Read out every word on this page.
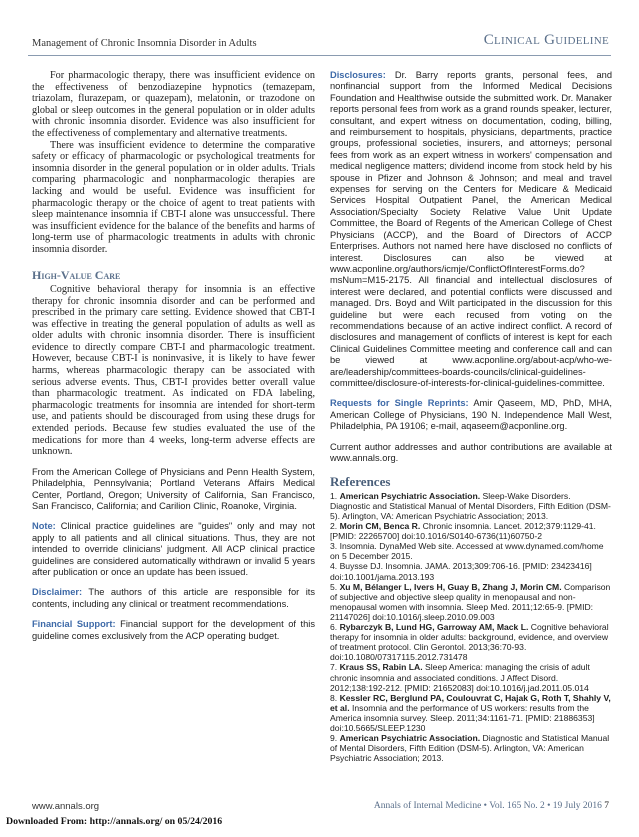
Management of Chronic Insomnia Disorder in Adults	Clinical Guideline

For pharmacologic therapy, there was insufficient evidence on the effectiveness of benzodiazepine hypnotics (temazepam, triazolam, flurazepam, or quazepam), melatonin, or trazodone on global or sleep outcomes in the general population or in older adults with chronic insomnia disorder. Evidence was also insufficient for the effectiveness of complementary and alternative treatments.

There was insufficient evidence to determine the comparative safety or efficacy of pharmacologic or psychological treatments for insomnia disorder in the general population or in older adults. Trials comparing pharmacologic and nonpharmacologic therapies are lacking and would be useful. Evidence was insufficient for pharmacologic therapy or the choice of agent to treat patients with sleep maintenance insomnia if CBT-I alone was unsuccessful. There was insufficient evidence for the balance of the benefits and harms of long-term use of pharmacologic treatments in adults with chronic insomnia disorder.

High-Value Care

Cognitive behavioral therapy for insomnia is an effective therapy for chronic insomnia disorder and can be performed and prescribed in the primary care setting. Evidence showed that CBT-I was effective in treating the general population of adults as well as older adults with chronic insomnia disorder. There is insufficient evidence to directly compare CBT-I and pharmacologic treatment. However, because CBT-I is noninvasive, it is likely to have fewer harms, whereas pharmacologic therapy can be associated with serious adverse events. Thus, CBT-I provides better overall value than pharmacologic treatment. As indicated on FDA labeling, pharmacologic treatments for insomnia are intended for short-term use, and patients should be discouraged from using these drugs for extended periods. Because few studies evaluated the use of the medications for more than 4 weeks, long-term adverse effects are unknown.

From the American College of Physicians and Penn Health System, Philadelphia, Pennsylvania; Portland Veterans Affairs Medical Center, Portland, Oregon; University of California, San Francisco, San Francisco, California; and Carilion Clinic, Roanoke, Virginia.

Note: Clinical practice guidelines are "guides" only and may not apply to all patients and all clinical situations. Thus, they are not intended to override clinicians' judgment. All ACP clinical practice guidelines are considered automatically withdrawn or invalid 5 years after publication or once an update has been issued.

Disclaimer: The authors of this article are responsible for its contents, including any clinical or treatment recommendations.

Financial Support: Financial support for the development of this guideline comes exclusively from the ACP operating budget.

Disclosures: Dr. Barry reports grants, personal fees, and nonfinancial support from the Informed Medical Decisions Foundation and Healthwise outside the submitted work. Dr. Manaker reports personal fees from work as a grand rounds speaker, lecturer, consultant, and expert witness on documentation, coding, billing, and reimbursement to hospitals, physicians, departments, practice groups, professional societies, insurers, and attorneys; personal fees from work as an expert witness in workers' compensation and medical negligence matters; dividend income from stock held by his spouse in Pfizer and Johnson & Johnson; and meal and travel expenses for serving on the Centers for Medicare & Medicaid Services Hospital Outpatient Panel, the American Medical Association/Specialty Society Relative Value Unit Update Committee, the Board of Regents of the American College of Chest Physicians (ACCP), and the Board of Directors of ACCP Enterprises. Authors not named here have disclosed no conflicts of interest. Disclosures can also be viewed at www.acponline.org/authors/icmje/ConflictOfInterestForms.do?msNum=M15-2175. All financial and intellectual disclosures of interest were declared, and potential conflicts were discussed and managed. Drs. Boyd and Wilt participated in the discussion for this guideline but were each recused from voting on the recommendations because of an active indirect conflict. A record of disclosures and management of conflicts of interest is kept for each Clinical Guidelines Committee meeting and conference call and can be viewed at www.acponline.org/about-acp/who-we-are/leadership/committees-boards-councils/clinical-guidelines-committee/disclosure-of-interests-for-clinical-guidelines-committee.

Requests for Single Reprints: Amir Qaseem, MD, PhD, MHA, American College of Physicians, 190 N. Independence Mall West, Philadelphia, PA 19106; e-mail, aqaseem@acponline.org.

Current author addresses and author contributions are available at www.annals.org.

References

1. American Psychiatric Association. Sleep-Wake Disorders. Diagnostic and Statistical Manual of Mental Disorders, Fifth Edition (DSM-5). Arlington, VA: American Psychiatric Association; 2013.

2. Morin CM, Benca R. Chronic insomnia. Lancet. 2012;379:1129-41. [PMID: 22265700] doi:10.1016/S0140-6736(11)60750-2

3. Insomnia. DynaMed Web site. Accessed at www.dynamed.com/home on 5 December 2015.

4. Buysse DJ. Insomnia. JAMA. 2013;309:706-16. [PMID: 23423416] doi:10.1001/jama.2013.193

5. Xu M, Bélanger L, Ivers H, Guay B, Zhang J, Morin CM. Comparison of subjective and objective sleep quality in menopausal and non-menopausal women with insomnia. Sleep Med. 2011;12:65-9. [PMID: 21147026] doi:10.1016/j.sleep.2010.09.003

6. Rybarczyk B, Lund HG, Garroway AM, Mack L. Cognitive behavioral therapy for insomnia in older adults: background, evidence, and overview of treatment protocol. Clin Gerontol. 2013;36:70-93. doi:10.1080/07317115.2012.731478

7. Kraus SS, Rabin LA. Sleep America: managing the crisis of adult chronic insomnia and associated conditions. J Affect Disord. 2012;138:192-212. [PMID: 21652083] doi:10.1016/j.jad.2011.05.014

8. Kessler RC, Berglund PA, Coulouvrat C, Hajak G, Roth T, Shahly V, et al. Insomnia and the performance of US workers: results from the America insomnia survey. Sleep. 2011;34:1161-71. [PMID: 21886353] doi:10.5665/SLEEP.1230

9. American Psychiatric Association. Diagnostic and Statistical Manual of Mental Disorders, Fifth Edition (DSM-5). Arlington, VA: American Psychiatric Association; 2013.

www.annals.org	Annals of Internal Medicine • Vol. 165 No. 2 • 19 July 2016 7
Downloaded From: http://annals.org/ on 05/24/2016
